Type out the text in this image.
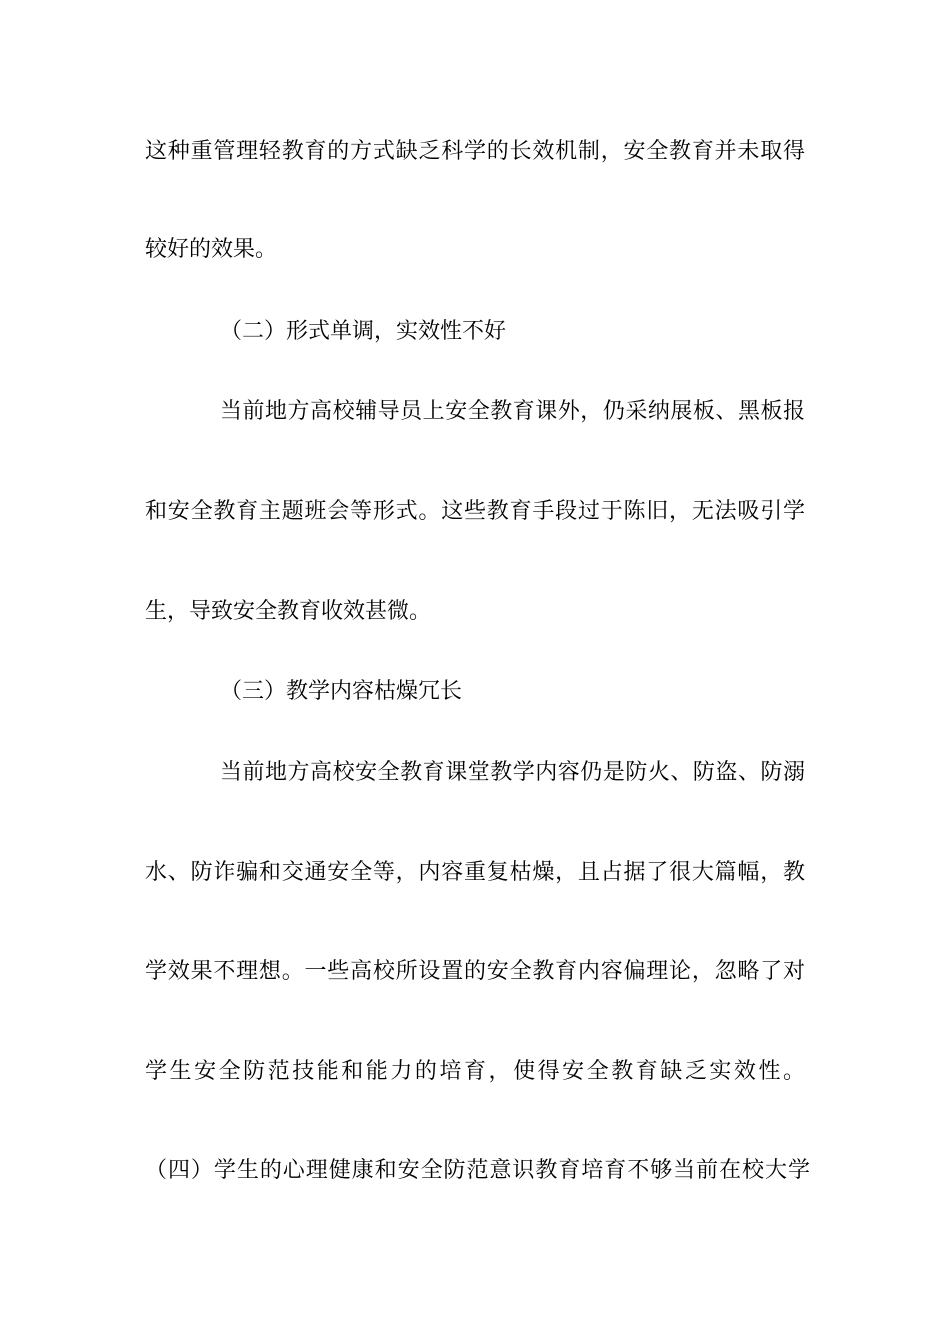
这种重管理轻教育的方式缺乏科学的长效机制，安全教育并未取得
较好的效果。
（二）形式单调，实效性不好
当前地方高校辅导员上安全教育课外，仍采纳展板、黑板报
和安全教育主题班会等形式。这些教育手段过于陈旧，无法吸引学
生，导致安全教育收效甚微。
（三）教学内容枯燥冗长
当前地方高校安全教育课堂教学内容仍是防火、防盗、防溺
水、防诈骗和交通安全等，内容重复枯燥，且占据了很大篇幅，教
学效果不理想。一些高校所设置的安全教育内容偏理论，忽略了对
学生安全防范技能和能力的培育，使得安全教育缺乏实效性。
（四）学生的心理健康和安全防范意识教育培育不够当前在校大学
